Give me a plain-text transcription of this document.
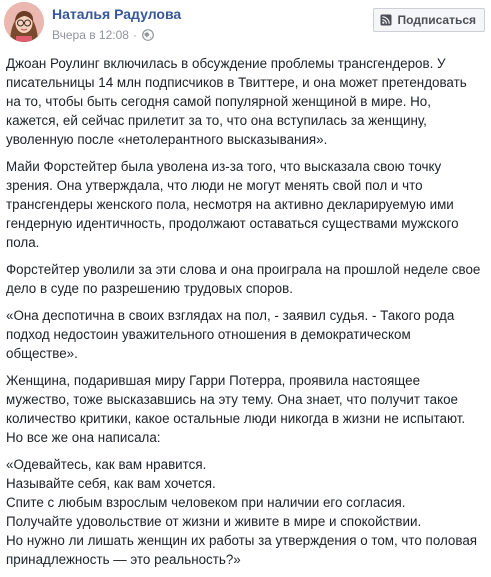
Наталья Радулова
Вчера в 12:08 ·
Подписаться

Джоан Роулинг включилась в обсуждение проблемы трансгендеров. У писательницы 14 млн подписчиков в Твиттере, и она может претендовать на то, чтобы быть сегодня самой популярной женщиной в мире. Но, кажется, ей сейчас прилетит за то, что она вступилась за женщину, уволенную после «нетолерантного высказывания».

Майи Форстейтер была уволена из-за того, что высказала свою точку зрения. Она утверждала, что люди не могут менять свой пол и что трансгендеры женского пола, несмотря на активно декларируемую ими гендерную идентичность, продолжают оставаться существами мужского пола.

Форстейтер уволили за эти слова и она проиграла на прошлой неделе свое дело в суде по разрешению трудовых споров.

«Она деспотична в своих взглядах на пол, - заявил судья. - Такого рода подход недостоин уважительного отношения в демократическом обществе».

Женщина, подарившая миру Гарри Потерра, проявила настоящее мужество, тоже высказавшись на эту тему. Она знает, что получит такое количество критики, какое остальные люди никогда в жизни не испытают. Но все же она написала:

«Одевайтесь, как вам нравится.
Называйте себя, как вам хочется.
Спите с любым взрослым человеком при наличии его согласия.
Получайте удовольствие от жизни и живите в мире и спокойствии.
Но нужно ли лишать женщин их работы за утверждения о том, что половая принадлежность — это реальность?»
